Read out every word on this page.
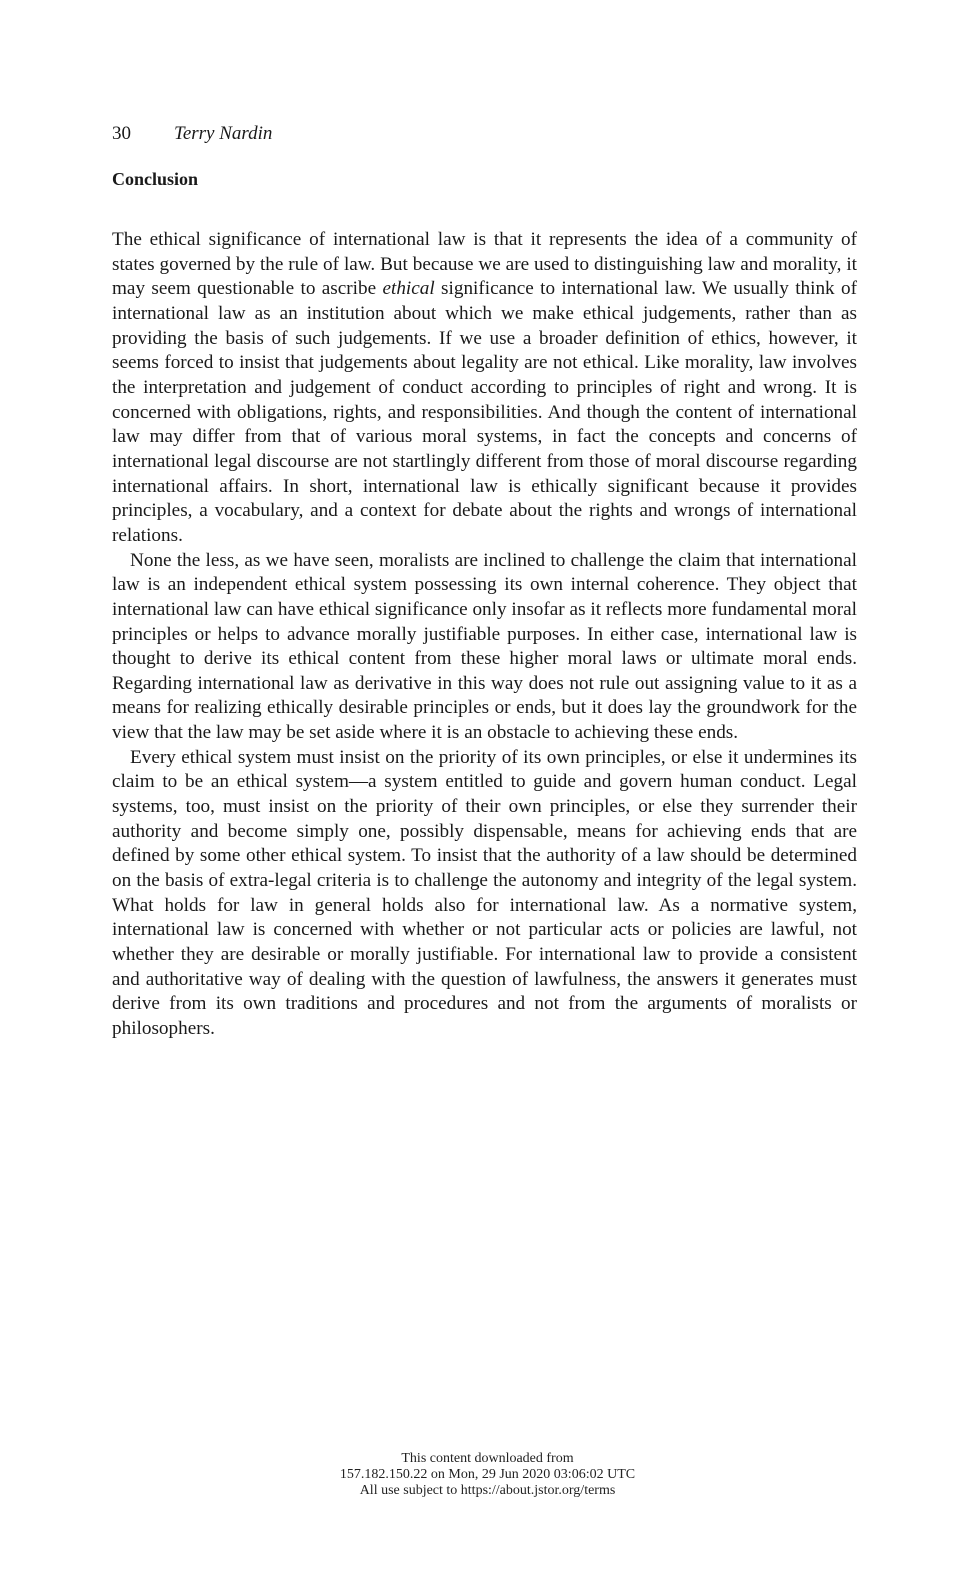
30 Terry Nardin
Conclusion

The ethical significance of international law is that it represents the idea of a community of states governed by the rule of law. But because we are used to distinguishing law and morality, it may seem questionable to ascribe ethical significance to international law. We usually think of international law as an institution about which we make ethical judgements, rather than as providing the basis of such judgements. If we use a broader definition of ethics, however, it seems forced to insist that judgements about legality are not ethical. Like morality, law involves the interpretation and judgement of conduct according to principles of right and wrong. It is concerned with obligations, rights, and responsibilities. And though the content of international law may differ from that of various moral systems, in fact the concepts and concerns of international legal discourse are not startlingly different from those of moral discourse regarding international affairs. In short, international law is ethically significant because it provides principles, a vocabulary, and a context for debate about the rights and wrongs of international relations.

None the less, as we have seen, moralists are inclined to challenge the claim that international law is an independent ethical system possessing its own internal coherence. They object that international law can have ethical significance only insofar as it reflects more fundamental moral principles or helps to advance morally justifiable purposes. In either case, international law is thought to derive its ethical content from these higher moral laws or ultimate moral ends. Regarding international law as derivative in this way does not rule out assigning value to it as a means for realizing ethically desirable principles or ends, but it does lay the groundwork for the view that the law may be set aside where it is an obstacle to achieving these ends.

Every ethical system must insist on the priority of its own principles, or else it undermines its claim to be an ethical system—a system entitled to guide and govern human conduct. Legal systems, too, must insist on the priority of their own principles, or else they surrender their authority and become simply one, possibly dispensable, means for achieving ends that are defined by some other ethical system. To insist that the authority of a law should be determined on the basis of extra-legal criteria is to challenge the autonomy and integrity of the legal system. What holds for law in general holds also for international law. As a normative system, international law is concerned with whether or not particular acts or policies are lawful, not whether they are desirable or morally justifiable. For international law to provide a consistent and authoritative way of dealing with the question of lawfulness, the answers it generates must derive from its own traditions and procedures and not from the arguments of moralists or philosophers.

This content downloaded from
157.182.150.22 on Mon, 29 Jun 2020 03:06:02 UTC
All use subject to https://about.jstor.org/terms
